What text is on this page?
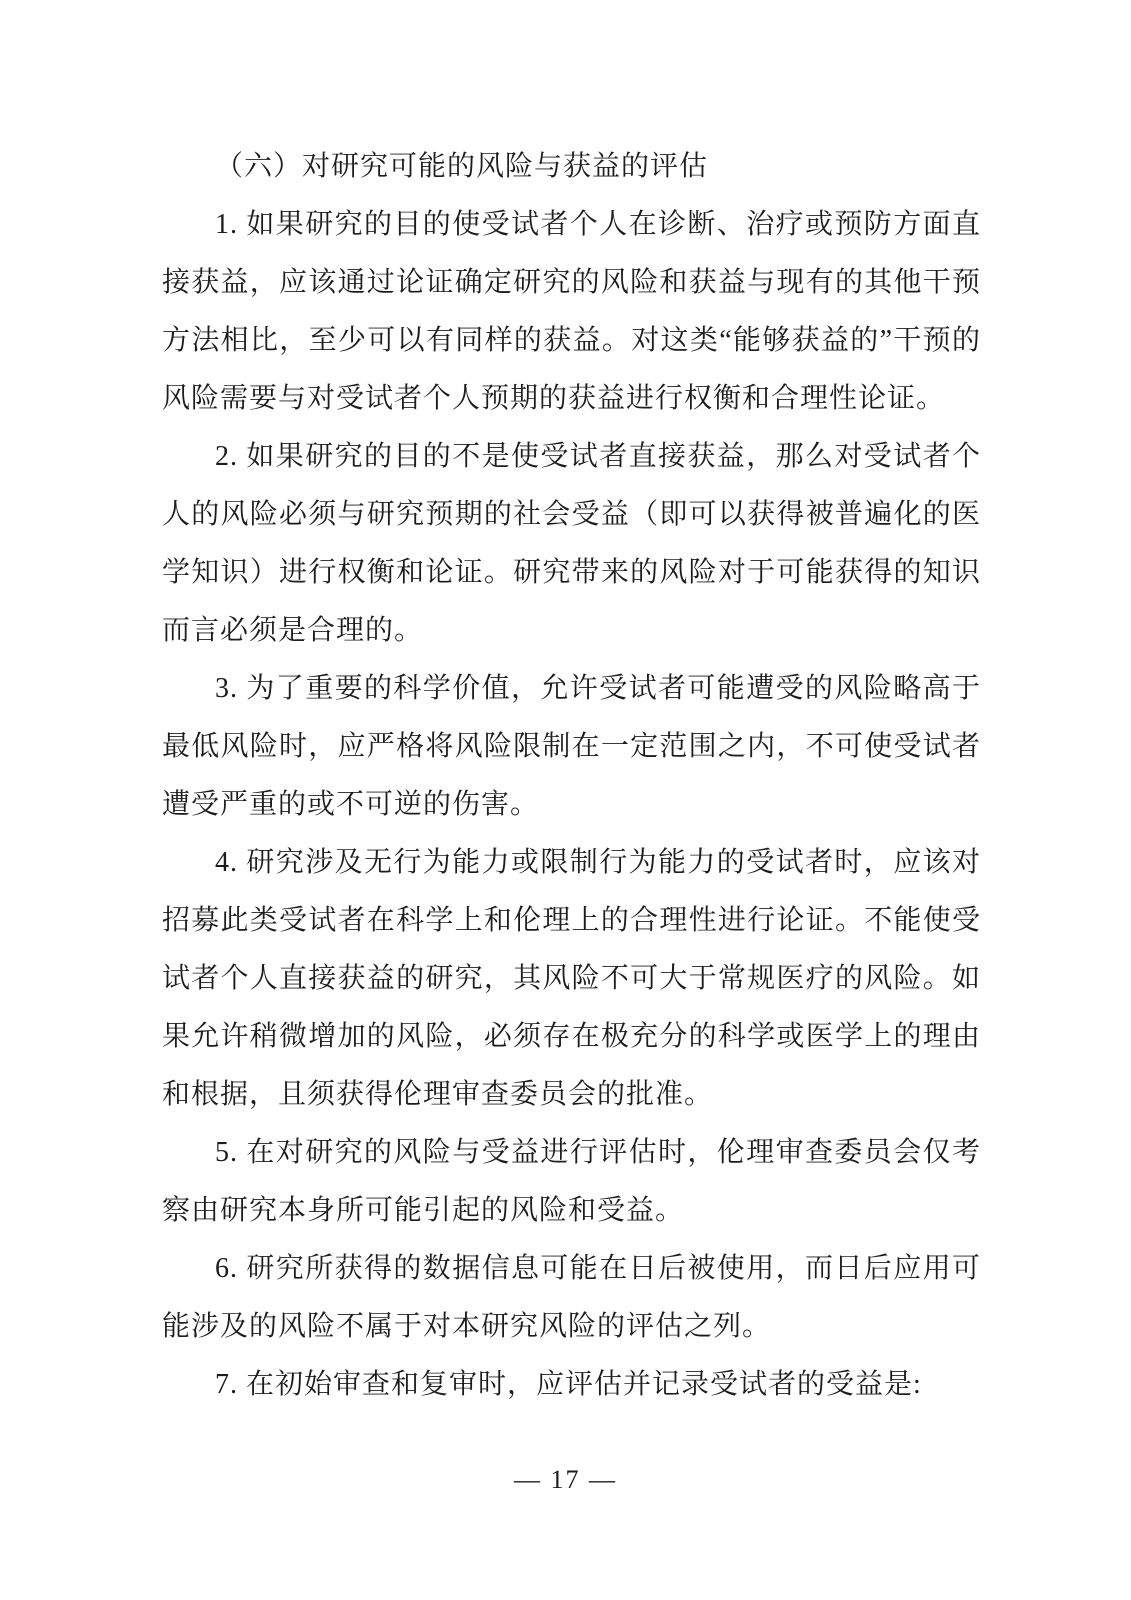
（六）对研究可能的风险与获益的评估

1. 如果研究的目的使受试者个人在诊断、治疗或预防方面直接获益，应该通过论证确定研究的风险和获益与现有的其他干预方法相比，至少可以有同样的获益。对这类“能够获益的”干预的风险需要与对受试者个人预期的获益进行权衡和合理性论证。

2. 如果研究的目的不是使受试者直接获益，那么对受试者个人的风险必须与研究预期的社会受益（即可以获得被普遍化的医学知识）进行权衡和论证。研究带来的风险对于可能获得的知识而言必须是合理的。

3. 为了重要的科学价值，允许受试者可能遭受的风险略高于最低风险时，应严格将风险限制在一定范围之内，不可使受试者遭受严重的或不可逆的伤害。

4. 研究涉及无行为能力或限制行为能力的受试者时，应该对招募此类受试者在科学上和伦理上的合理性进行论证。不能使受试者个人直接获益的研究，其风险不可大于常规医疗的风险。如果允许稍微增加的风险，必须存在极充分的科学或医学上的理由和根据，且须获得伦理审查委员会的批准。

5. 在对研究的风险与受益进行评估时，伦理审查委员会仅考察由研究本身所可能引起的风险和受益。

6. 研究所获得的数据信息可能在日后被使用，而日后应用可能涉及的风险不属于对本研究风险的评估之列。

7. 在初始审查和复审时，应评估并记录受试者的受益是:

— 17 —
